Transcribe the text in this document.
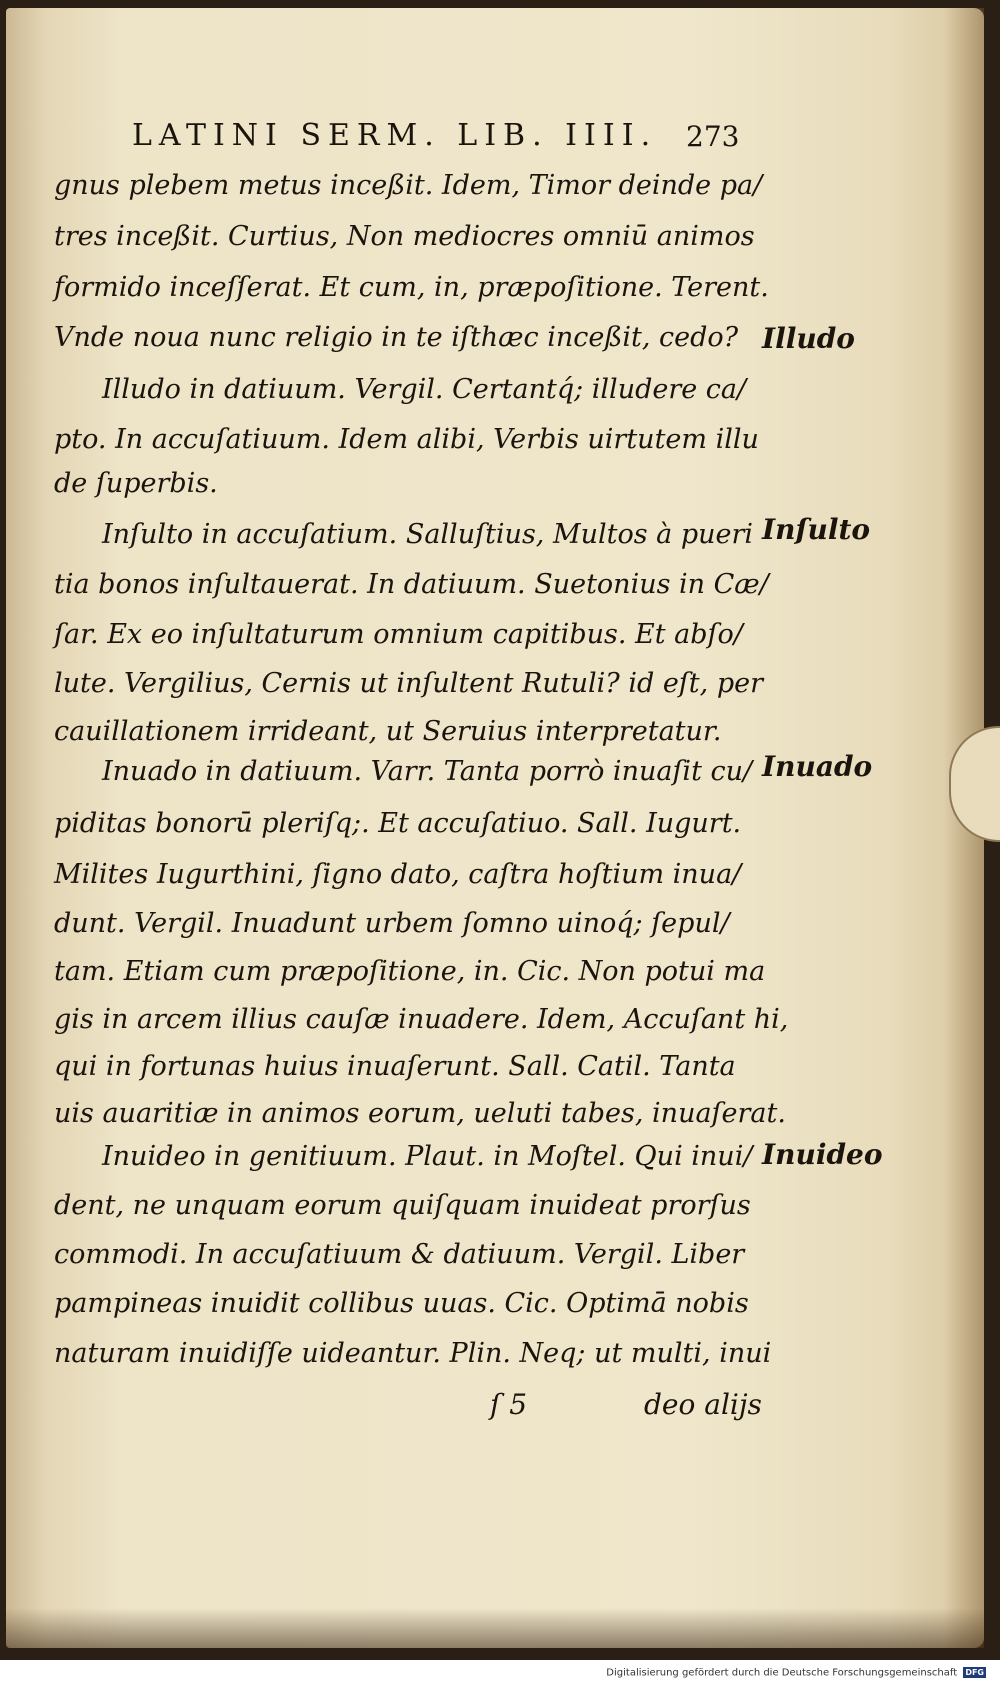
LATINI SERM. LIB. IIII. 273
gnus plebem metus inceßit. Idem, Timor deinde pa/
tres inceßit. Curtius, Non mediocres omniū animos
formido inceſſerat. Et cum, in, præpoſitione. Terent.
Vnde noua nunc religio in te iſthæc inceßit, cedo?
Illudo in datiuum. Vergil. Certantq́; illudere ca/
pto. In accuſatiuum. Idem alibi, Verbis uirtutem illu
de ſuperbis.
Inſulto in accuſatium. Salluſtius, Multos à pueri
tia bonos inſultauerat. In datiuum. Suetonius in Cæ/
ſar. Ex eo inſultaturum omnium capitibus. Et abſo/
lute. Vergilius, Cernis ut inſultent Rutuli? id eſt, per
cauillationem irrideant, ut Seruius interpretatur.
Inuado in datiuum. Varr. Tanta porrò inuaſit cu/
piditas bonorū pleriſq;. Et accuſatiuo. Sall. Iugurt.
Milites Iugurthini, ſigno dato, caſtra hoſtium inua/
dunt. Vergil. Inuadunt urbem ſomno uinoq́; ſepul/
tam. Etiam cum præpoſitione, in. Cic. Non potui ma
gis in arcem illius cauſæ inuadere. Idem, Accuſant hi,
qui in fortunas huius inuaſerunt. Sall. Catil. Tanta
uis auaritiæ in animos eorum, ueluti tabes, inuaſerat.
Inuideo in genitiuum. Plaut. in Moſtel. Qui inui/
dent, ne unquam eorum quiſquam inuideat prorſus
commodi. In accuſatiuum & datiuum. Vergil. Liber
pampineas inuidit collibus uuas. Cic. Optimā nobis
naturam inuidiſſe uideantur. Plin. Neq; ut multi, inui
Illudo
Inſulto
Inuado
Inuideo
ſ 5	deo aliјs
Digitalisierung gefördert durch die Deutsche Forschungsgemeinschaft DFG
